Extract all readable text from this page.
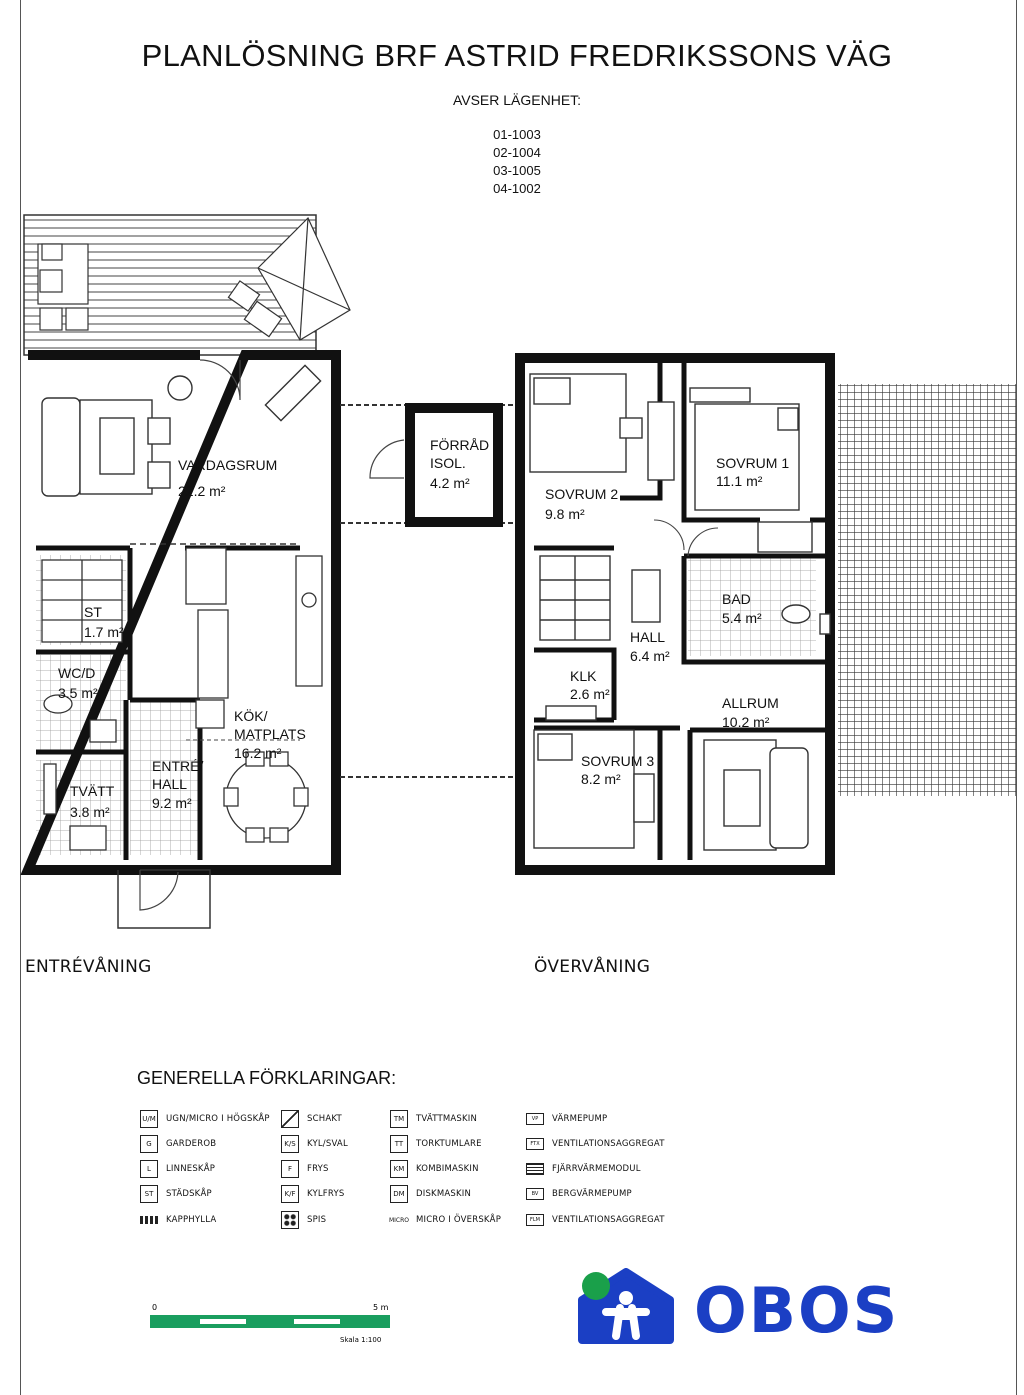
PLANLÖSNING BRF ASTRID FREDRIKSSONS VÄG
AVSER LÄGENHET:
01-1003
02-1004
03-1005
04-1002
VARDAGSRUM
22.2 m²
ST
1.7 m²
WC/D
3.5 m²
TVÄTT
3.8 m²
ENTRÉ/
HALL
9.2 m²
KÖK/
MATPLATS
16.2 m²
FÖRRÅD
ISOL.
4.2 m²
SOVRUM 2
9.8 m²
SOVRUM 1
11.1 m²
BAD
5.4 m²
HALL
6.4 m²
KLK
2.6 m²
ALLRUM
10.2 m²
SOVRUM 3
8.2 m²
ENTRÉVÅNING	ÖVERVÅNING
GENERELLA FÖRKLARINGAR:
U/M UGN/MICRO I HÖGSKÅP
G	GARDEROB
L	LINNESKÅP
ST	STÄDSKÅP
KAPPHYLLA
SCHAKT
K/S	KYL/SVAL
F	FRYS
K/F	KYLFRYS
SPIS
TM	TVÄTTMASKIN
TT	TORKTUMLARE
KM	KOMBIMASKIN
DM	DISKMASKIN
MICRO MICRO I ÖVERSKÅP
VP	VÄRMEPUMP
FTX	VENTILATIONSAGGREGAT
FJÄRRVÄRMEMODUL
BV	BERGVÄRMEPUMP
FLM	VENTILATIONSAGGREGAT
0	5 m
Skala 1:100	OBOS
